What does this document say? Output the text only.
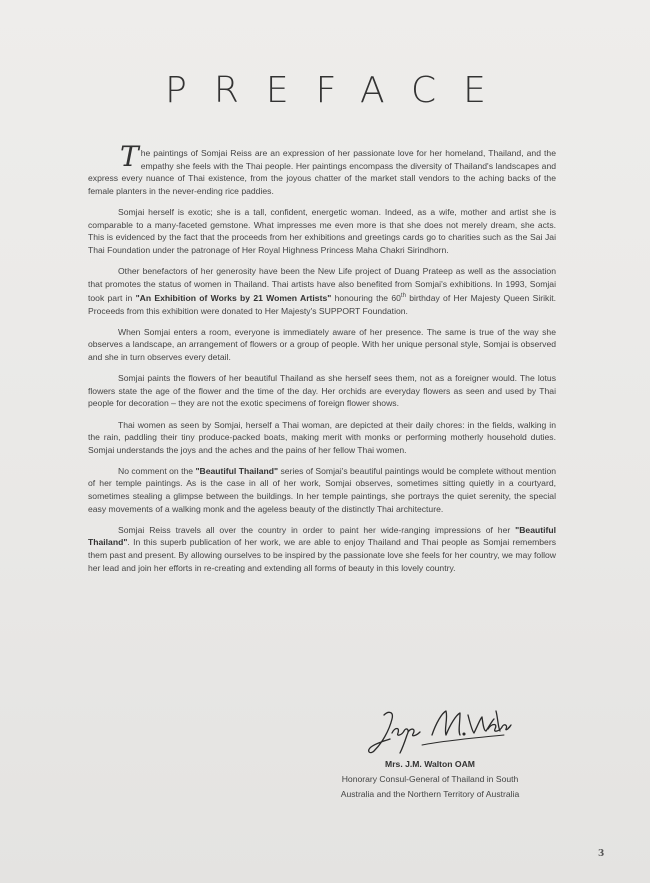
PREFACE

The paintings of Somjai Reiss are an expression of her passionate love for her homeland, Thailand, and the empathy she feels with the Thai people. Her paintings encompass the diversity of Thailand's landscapes and express every nuance of Thai existence, from the joyous chatter of the market stall vendors to the aching backs of the female planters in the never-ending rice paddies.

Somjai herself is exotic; she is a tall, confident, energetic woman. Indeed, as a wife, mother and artist she is comparable to a many-faceted gemstone. What impresses me even more is that she does not merely dream, she acts. This is evidenced by the fact that the proceeds from her exhibitions and greetings cards go to charities such as the Sai Jai Thai Foundation under the patronage of Her Royal Highness Princess Maha Chakri Sirindhorn.

Other benefactors of her generosity have been the New Life project of Duang Prateep as well as the association that promotes the status of women in Thailand. Thai artists have also benefited from Somjai's exhibitions. In 1993, Somjai took part in "An Exhibition of Works by 21 Women Artists" honouring the 60th birthday of Her Majesty Queen Sirikit. Proceeds from this exhibition were donated to Her Majesty's SUPPORT Foundation.

When Somjai enters a room, everyone is immediately aware of her presence. The same is true of the way she observes a landscape, an arrangement of flowers or a group of people. With her unique personal style, Somjai is observed and she in turn observes every detail.

Somjai paints the flowers of her beautiful Thailand as she herself sees them, not as a foreigner would. The lotus flowers state the age of the flower and the time of the day. Her orchids are everyday flowers as seen and used by Thai people for decoration – they are not the exotic specimens of foreign flower shows.

Thai women as seen by Somjai, herself a Thai woman, are depicted at their daily chores: in the fields, walking in the rain, paddling their tiny produce-packed boats, making merit with monks or performing motherly household duties. Somjai understands the joys and the aches and the pains of her fellow Thai women.

No comment on the "Beautiful Thailand" series of Somjai's beautiful paintings would be complete without mention of her temple paintings. As is the case in all of her work, Somjai observes, sometimes sitting quietly in a courtyard, sometimes stealing a glimpse between the buildings. In her temple paintings, she portrays the quiet serenity, the special easy movements of a walking monk and the ageless beauty of the distinctly Thai architecture.

Somjai Reiss travels all over the country in order to paint her wide-ranging impressions of her "Beautiful Thailand". In this superb publication of her work, we are able to enjoy Thailand and Thai people as Somjai remembers them past and present. By allowing ourselves to be inspired by the passionate love she feels for her country, we may follow her lead and join her efforts in re-creating and extending all forms of beauty in this lovely country.

Mrs. J.M. Walton OAM
Honorary Consul-General of Thailand in South
Australia and the Northern Territory of Australia
3
